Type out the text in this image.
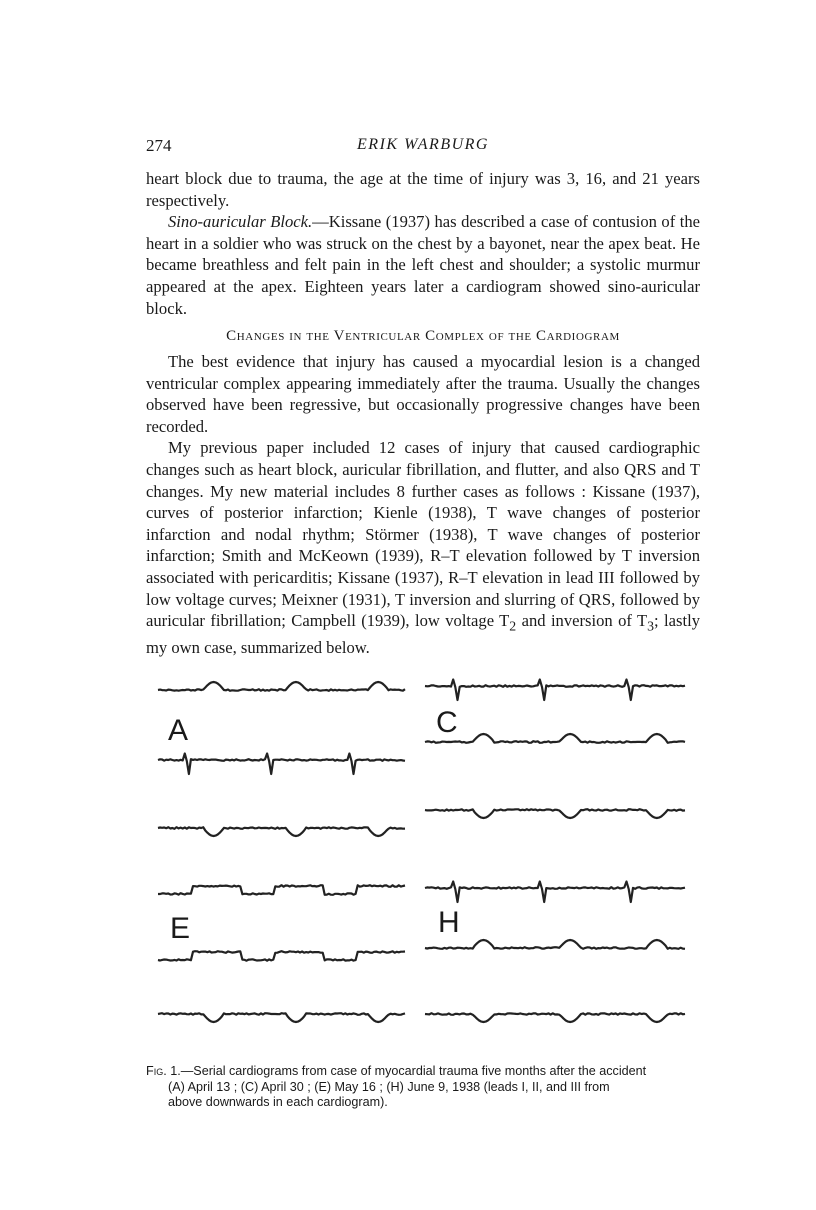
274	ERIK WARBURG

heart block due to trauma, the age at the time of injury was 3, 16, and 21 years respectively.

Sino-auricular Block.—Kissane (1937) has described a case of contusion of the heart in a soldier who was struck on the chest by a bayonet, near the apex beat. He became breathless and felt pain in the left chest and shoulder; a systolic murmur appeared at the apex. Eighteen years later a cardiogram showed sino-auricular block.

Changes in the Ventricular Complex of the Cardiogram

The best evidence that injury has caused a myocardial lesion is a changed ventricular complex appearing immediately after the trauma. Usually the changes observed have been regressive, but occasionally progressive changes have been recorded.

My previous paper included 12 cases of injury that caused cardiographic changes such as heart block, auricular fibrillation, and flutter, and also QRS and T changes. My new material includes 8 further cases as follows : Kissane (1937), curves of posterior infarction; Kienle (1938), T wave changes of posterior infarction and nodal rhythm; Störmer (1938), T wave changes of posterior infarction; Smith and McKeown (1939), R–T elevation followed by T inversion associated with pericarditis; Kissane (1937), R–T elevation in lead III followed by low voltage curves; Meixner (1931), T inversion and slurring of QRS, followed by auricular fibrillation; Campbell (1939), low voltage $T_2$ and inversion of $T_3$; lastly my own case, summarized below.

A	C
E	H
Fig. 1.—Serial cardiograms from case of myocardial trauma five months after the accident
(A) April 13 ; (C) April 30 ; (E) May 16 ; (H) June 9, 1938 (leads I, II, and III from
above downwards in each cardiogram).
